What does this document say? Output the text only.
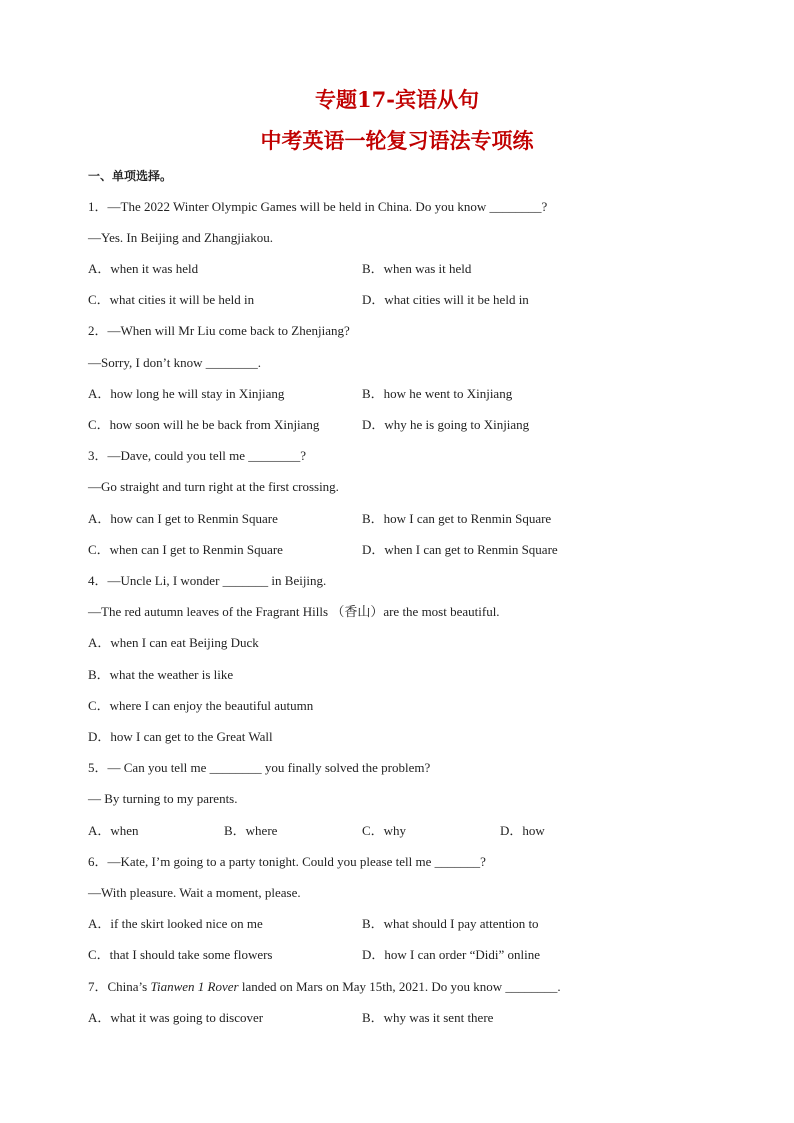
专题17-宾语从句
中考英语一轮复习语法专项练
一、单项选择。
1．—The 2022 Winter Olympic Games will be held in China. Do you know ________?
—Yes. In Beijing and Zhangjiakou.
A．when it was held	B．when was it held
C．what cities it will be held in	D．what cities will it be held in
2．—When will Mr Liu come back to Zhenjiang?
—Sorry, I don’t know ________.
A．how long he will stay in Xinjiang	B．how he went to Xinjiang
C．how soon will he be back from Xinjiang	D．why he is going to Xinjiang
3．—Dave, could you tell me ________?
—Go straight and turn right at the first crossing.
A．how can I get to Renmin Square	B．how I can get to Renmin Square
C．when can I get to Renmin Square	D．when I can get to Renmin Square
4．—Uncle Li, I wonder _______ in Beijing.
—The red autumn leaves of the Fragrant Hills （香山）are the most beautiful.
A．when I can eat Beijing Duck
B．what the weather is like
C．where I can enjoy the beautiful autumn
D．how I can get to the Great Wall
5．— Can you tell me ________ you finally solved the problem?
— By turning to my parents.
A．when	B．where	C．why	D．how
6．—Kate, I’m going to a party tonight. Could you please tell me _______?
—With pleasure. Wait a moment, please.
A．if the skirt looked nice on me	B．what should I pay attention to
C．that I should take some flowers	D．how I can order “Didi” online
7．China’s Tianwen 1 Rover landed on Mars on May 15th, 2021. Do you know ________.
A．what it was going to discover	B．why was it sent there
